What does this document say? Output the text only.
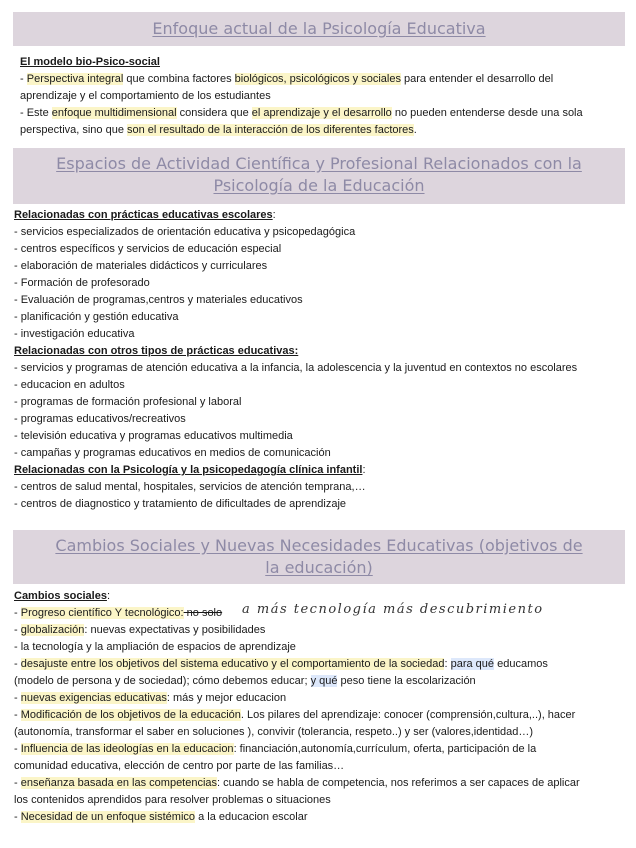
Enfoque actual de la Psicología Educativa
El modelo bio-Psico-social
- Perspectiva integral que combina factores biológicos, psicológicos y sociales para entender el desarrollo del
aprendizaje y el comportamiento de los estudiantes
- Este enfoque multidimensional considera que el aprendizaje y el desarrollo no pueden entenderse desde una sola
perspectiva, sino que son el resultado de la interacción de los diferentes factores.
Espacios de Actividad Científica y Profesional Relacionados con la
Psicología de la Educación
Relacionadas con prácticas educativas escolares:
- servicios especializados de orientación educativa y psicopedagógica
- centros específicos y servicios de educación especial
- elaboración de materiales didácticos y curriculares
- Formación de profesorado
- Evaluación de programas,centros y materiales educativos
- planificación y gestión educativa
- investigación educativa
Relacionadas con otros tipos de prácticas educativas:
- servicios y programas de atención educativa a la infancia, la adolescencia y la juventud en contextos no escolares
- educacion en adultos
- programas de formación profesional y laboral
- programas educativos/recreativos
- televisión educativa y programas educativos multimedia
- campañas y programas educativos en medios de comunicación
Relacionadas con la Psicología y la psicopedagogía clínica infantil:
- centros de salud mental, hospitales, servicios de atención temprana,…
- centros de diagnostico y tratamiento de dificultades de aprendizaje
Cambios Sociales y Nuevas Necesidades Educativas (objetivos de
la educación)
Cambios sociales:
- Progreso científico Y tecnológico: no solo
- globalización: nuevas expectativas y posibilidades
- la tecnología y la ampliación de espacios de aprendizaje
- desajuste entre los objetivos del sistema educativo y el comportamiento de la sociedad: para qué educamos
(modelo de persona y de sociedad); cómo debemos educar; y qué peso tiene la escolarización
- nuevas exigencias educativas: más y mejor educacion
- Modificación de los objetivos de la educación. Los pilares del aprendizaje: conocer (comprensión,cultura,..), hacer
(autonomía, transformar el saber en soluciones ), convivir (tolerancia, respeto..) y ser (valores,identidad…)
- Influencia de las ideologías en la educacion: financiación,autonomía,currículum, oferta, participación de la
comunidad educativa, elección de centro por parte de las familias…
- enseñanza basada en las competencias: cuando se habla de competencia, nos referimos a ser capaces de aplicar
los contenidos aprendidos para resolver problemas o situaciones
- Necesidad de un enfoque sistémico a la educacion escolar
a más tecnología más descubrimiento
